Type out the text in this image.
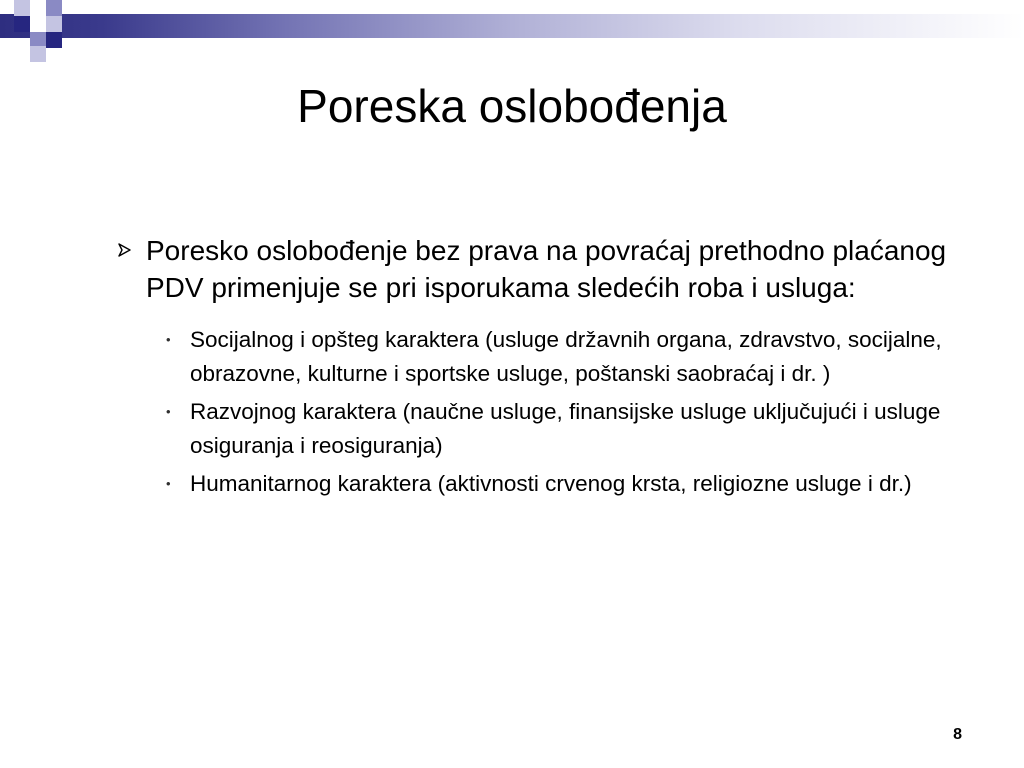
Poreska oslobođenja
Poresko oslobođenje bez prava na povraćaj prethodno plaćanog PDV primenjuje se pri isporukama sledećih roba i usluga:
• Socijalnog i opšteg karaktera (usluge državnih organa, zdravstvo, socijalne, obrazovne, kulturne i sportske usluge, poštanski saobraćaj i dr. )
• Razvojnog karaktera (naučne usluge, finansijske usluge uključujući i usluge osiguranja i reosiguranja)
• Humanitarnog karaktera (aktivnosti crvenog krsta, religiozne usluge i dr.)
8
